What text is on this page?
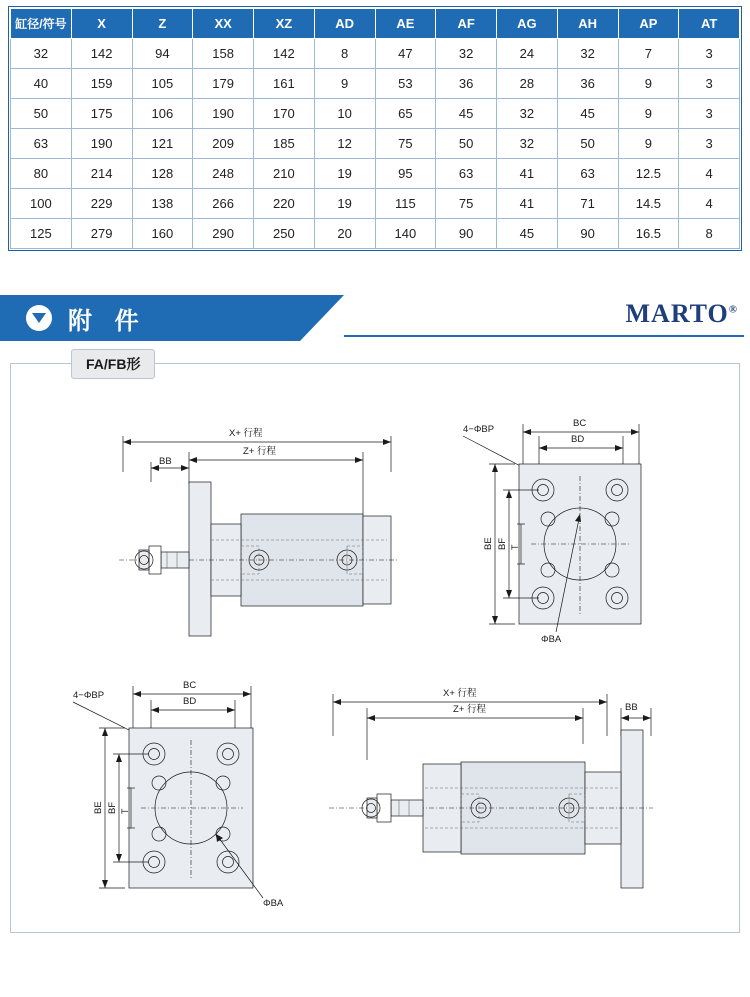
缸径/符号	X	Z	XX	XZ	AD	AE	AF	AG	AH	AP	AT
32	142	94	158	142	8	47	32	24	32	7	3
40	159	105	179	161	9	53	36	28	36	9	3
50	175	106	190	170	10	65	45	32	45	9	3
63	190	121	209	185	12	75	50	32	50	9	3
80	214	128	248	210	19	95	63	41	63	12.5	4
100	229	138	266	220	19	115	75	41	71	14.5	4
125	279	160	290	250	20	140	90	45	90	16.5	8
附 件	MARTO®
FA/FB形
X+ 行程
Z+ 行程
BB
BC
BD
4−ΦBP
BE BF T
ΦBA
BC
BD
4−ΦBP
BE BF T
ΦBA
X+ 行程
Z+ 行程	BB
